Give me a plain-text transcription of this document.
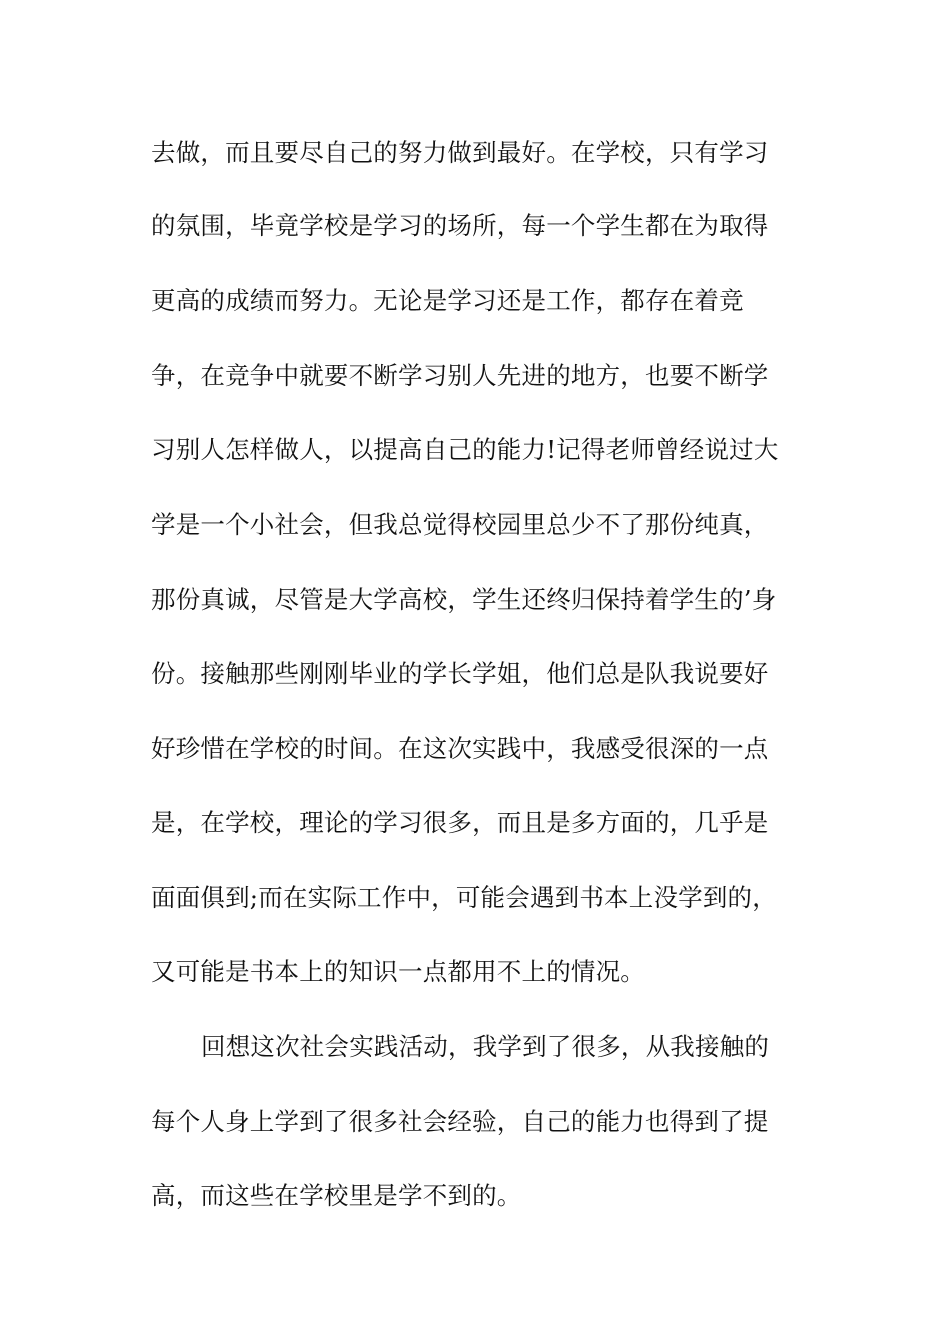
去做，而且要尽自己的努力做到最好。在学校，只有学习
的氛围，毕竟学校是学习的场所，每一个学生都在为取得
更高的成绩而努力。无论是学习还是工作，都存在着竞
争，在竞争中就要不断学习别人先进的地方，也要不断学
习别人怎样做人，以提高自己的能力!记得老师曾经说过大
学是一个小社会，但我总觉得校园里总少不了那份纯真，
那份真诚，尽管是大学高校，学生还终归保持着学生的’身
份。接触那些刚刚毕业的学长学姐，他们总是队我说要好
好珍惜在学校的时间。在这次实践中，我感受很深的一点
是，在学校，理论的学习很多，而且是多方面的，几乎是
面面俱到;而在实际工作中，可能会遇到书本上没学到的，
又可能是书本上的知识一点都用不上的情况。
回想这次社会实践活动，我学到了很多，从我接触的
每个人身上学到了很多社会经验，自己的能力也得到了提
高，而这些在学校里是学不到的。
